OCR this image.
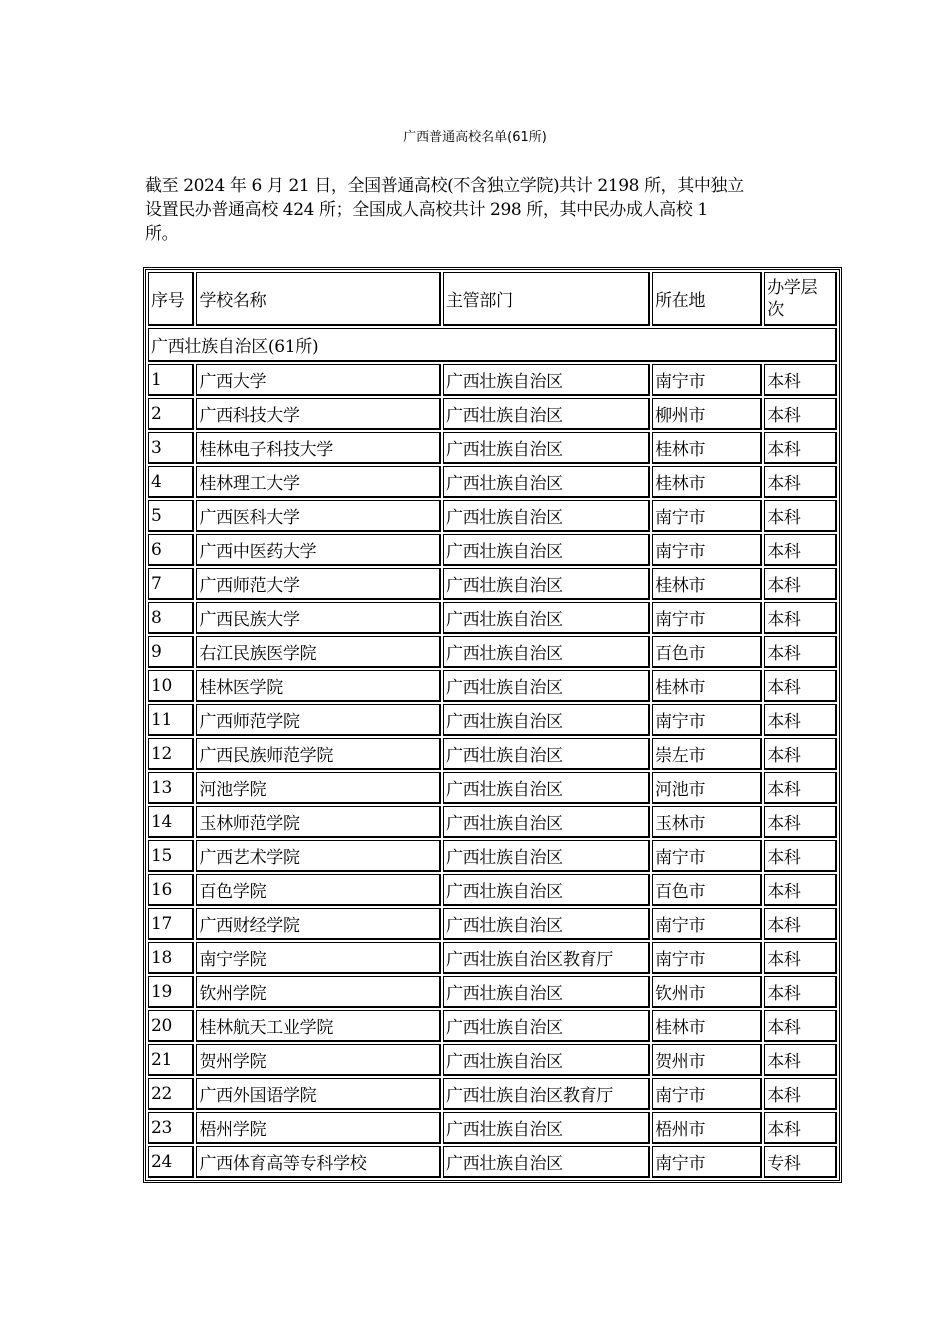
广西普通高校名单(61所)

截至 2024 年 6 月 21 日，全国普通高校(不含独立学院)共计 2198 所，其中独立

设置民办普通高校 424 所；全国成人高校共计 298 所，其中民办成人高校 1

所。

序号	学校名称	主管部门	所在地	办学层次
广西壮族自治区(61所)				
1	广西大学	广西壮族自治区	南宁市	本科
2	广西科技大学	广西壮族自治区	柳州市	本科
3	桂林电子科技大学	广西壮族自治区	桂林市	本科
4	桂林理工大学	广西壮族自治区	桂林市	本科
5	广西医科大学	广西壮族自治区	南宁市	本科
6	广西中医药大学	广西壮族自治区	南宁市	本科
7	广西师范大学	广西壮族自治区	桂林市	本科
8	广西民族大学	广西壮族自治区	南宁市	本科
9	右江民族医学院	广西壮族自治区	百色市	本科
10	桂林医学院	广西壮族自治区	桂林市	本科
11	广西师范学院	广西壮族自治区	南宁市	本科
12	广西民族师范学院	广西壮族自治区	崇左市	本科
13	河池学院	广西壮族自治区	河池市	本科
14	玉林师范学院	广西壮族自治区	玉林市	本科
15	广西艺术学院	广西壮族自治区	南宁市	本科
16	百色学院	广西壮族自治区	百色市	本科
17	广西财经学院	广西壮族自治区	南宁市	本科
18	南宁学院	广西壮族自治区教育厅	南宁市	本科
19	钦州学院	广西壮族自治区	钦州市	本科
20	桂林航天工业学院	广西壮族自治区	桂林市	本科
21	贺州学院	广西壮族自治区	贺州市	本科
22	广西外国语学院	广西壮族自治区教育厅	南宁市	本科
23	梧州学院	广西壮族自治区	梧州市	本科
24	广西体育高等专科学校	广西壮族自治区	南宁市	专科
